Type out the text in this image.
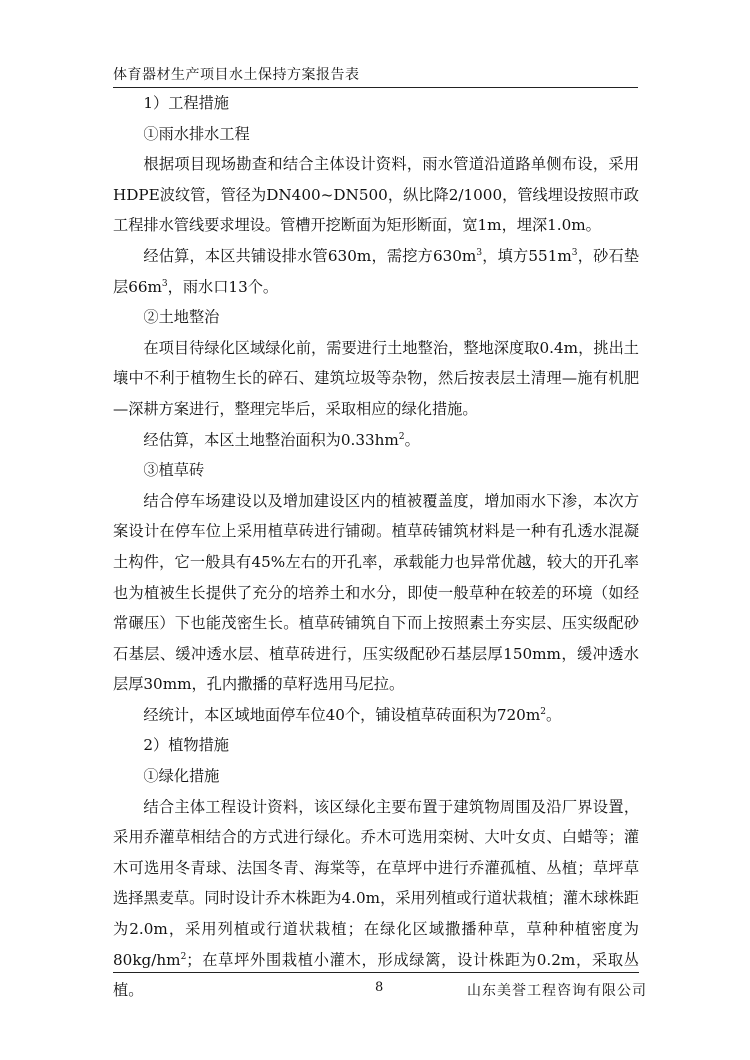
体育器材生产项目水土保持方案报告表

1）工程措施

①雨水排水工程

根据项目现场勘查和结合主体设计资料，雨水管道沿道路单侧布设，采用HDPE波纹管，管径为DN400~DN500，纵比降2/1000，管线埋设按照市政工程排水管线要求埋设。管槽开挖断面为矩形断面，宽1m，埋深1.0m。

经估算，本区共铺设排水管630m，需挖方$630m^3$，填方$551m^3$，砂石垫层$66m^3$，雨水口13个。

②土地整治

在项目待绿化区域绿化前，需要进行土地整治，整地深度取0.4m，挑出土壤中不利于植物生长的碎石、建筑垃圾等杂物，然后按表层土清理—施有机肥—深耕方案进行，整理完毕后，采取相应的绿化措施。

经估算，本区土地整治面积为$0.33hm^2$。

③植草砖

结合停车场建设以及增加建设区内的植被覆盖度，增加雨水下渗，本次方案设计在停车位上采用植草砖进行铺砌。植草砖铺筑材料是一种有孔透水混凝土构件，它一般具有45%左右的开孔率，承载能力也异常优越，较大的开孔率也为植被生长提供了充分的培养土和水分，即使一般草种在较差的环境（如经常碾压）下也能茂密生长。植草砖铺筑自下而上按照素土夯实层、压实级配砂石基层、缓冲透水层、植草砖进行，压实级配砂石基层厚150mm，缓冲透水层厚30mm，孔内撒播的草籽选用马尼拉。

经统计，本区域地面停车位40个，铺设植草砖面积为$720m^2$。

2）植物措施

①绿化措施

结合主体工程设计资料，该区绿化主要布置于建筑物周围及沿厂界设置，采用乔灌草相结合的方式进行绿化。乔木可选用栾树、大叶女贞、白蜡等；灌木可选用冬青球、法国冬青、海棠等，在草坪中进行乔灌孤植、丛植；草坪草选择黑麦草。同时设计乔木株距为4.0m，采用列植或行道状栽植；灌木球株距为2.0m，采用列植或行道状栽植；在绿化区域撒播种草，草种种植密度为$80kg/hm^2$；在草坪外围栽植小灌木，形成绿篱，设计株距为0.2m，采取丛植。	8	山东美誉工程咨询有限公司
